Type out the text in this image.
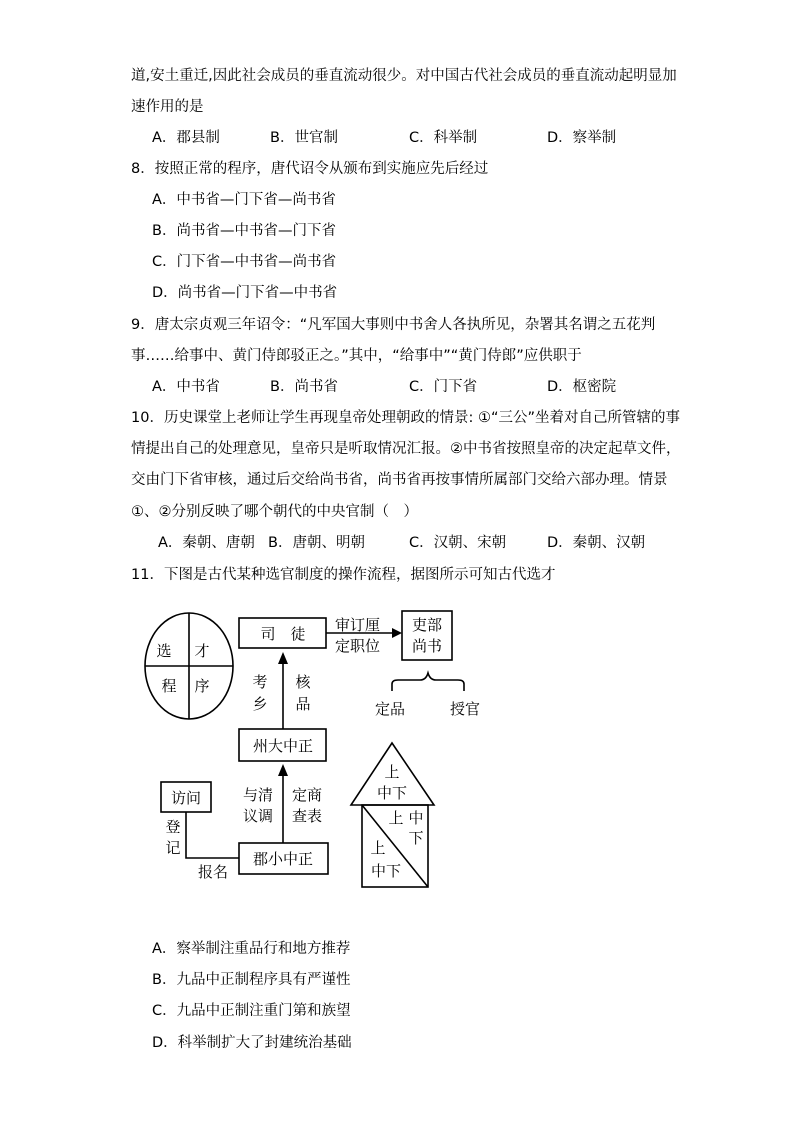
道,安土重迁,因此社会成员的垂直流动很少。对中国古代社会成员的垂直流动起明显加
速作用的是
A．郡县制	B．世官制	C．科举制	D．察举制
8．按照正常的程序，唐代诏令从颁布到实施应先后经过
A．中书省—门下省—尚书省
B．尚书省—中书省—门下省
C．门下省—中书省—尚书省
D．尚书省—门下省—中书省
9．唐太宗贞观三年诏令：“凡军国大事则中书舍人各执所见，杂署其名谓之五花判
事……给事中、黄门侍郎驳正之。”其中，“给事中”“黄门侍郎”应供职于
A．中书省	B．尚书省	C．门下省	D．枢密院
10．历史课堂上老师让学生再现皇帝处理朝政的情景: ①“三公”坐着对自己所管辖的事
情提出自己的处理意见，皇帝只是听取情况汇报。②中书省按照皇帝的决定起草文件，
交由门下省审核，通过后交给尚书省，尚书省再按事情所属部门交给六部办理。情景
①、②分别反映了哪个朝代的中央官制（　）
A．秦朝、唐朝 B．唐朝、明朝	C．汉朝、宋朝	D．秦朝、汉朝
11．下图是古代某种选官制度的操作流程，据图所示可知古代选才
选 才
程 序
司　徒 审订厘
定职位
吏部
尚书
定品	授官
考
乡
核
品
州大中正
与清
议调
定商
查表
访问
登
记
报名
郡小中正
上
中下
上 中
下
上
中下
A．察举制注重品行和地方推荐
B．九品中正制程序具有严谨性
C．九品中正制注重门第和族望
D．科举制扩大了封建统治基础
